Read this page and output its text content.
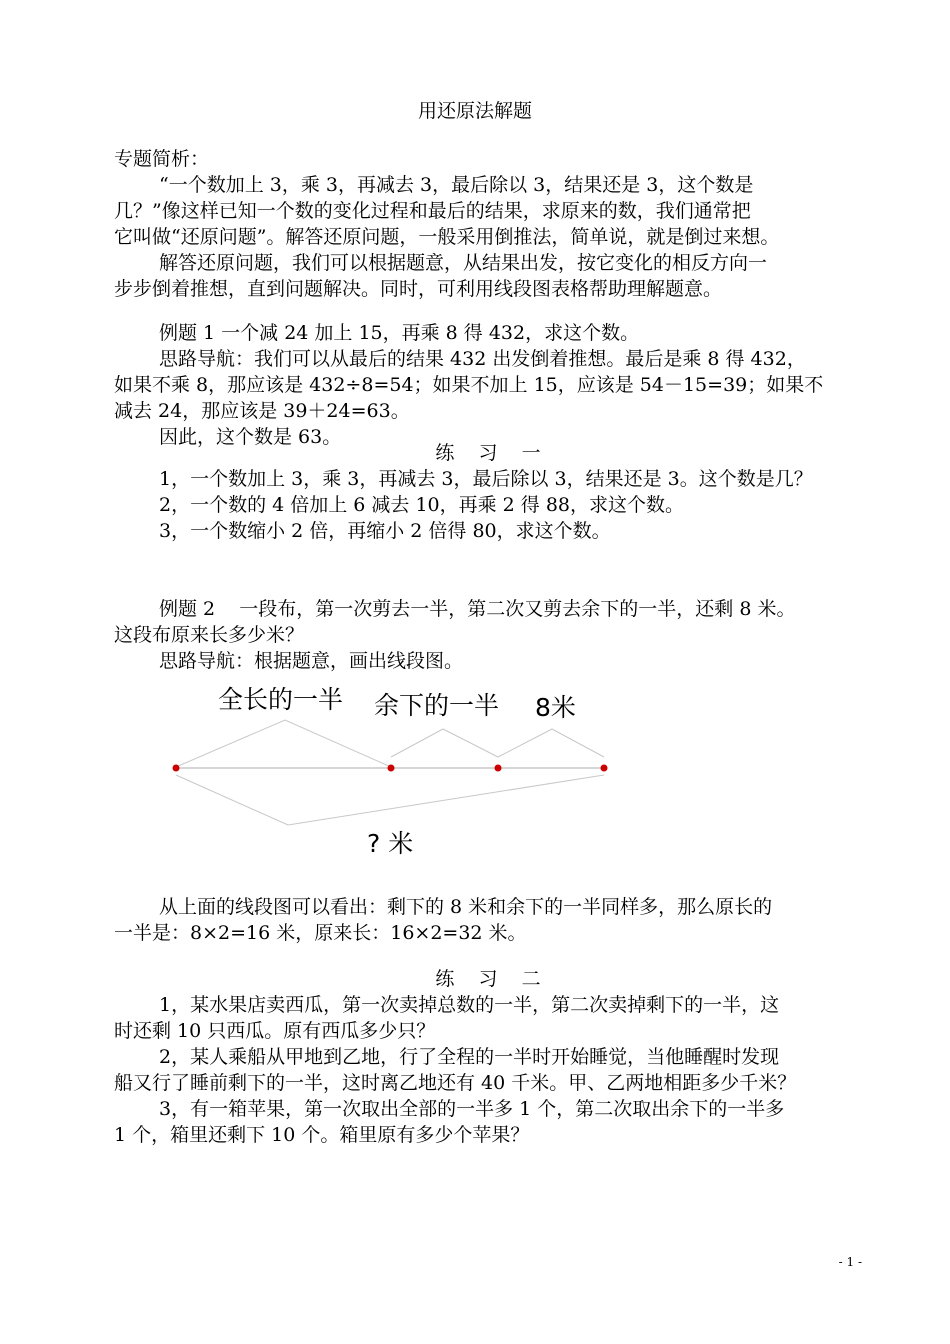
用还原法解题
专题简析：
“一个数加上 3，乘 3，再减去 3，最后除以 3，结果还是 3，这个数是
几？”像这样已知一个数的变化过程和最后的结果，求原来的数，我们通常把
它叫做“还原问题”。解答还原问题，一般采用倒推法，简单说，就是倒过来想。
解答还原问题，我们可以根据题意，从结果出发，按它变化的相反方向一
步步倒着推想，直到问题解决。同时，可利用线段图表格帮助理解题意。
例题 1 一个减 24 加上 15，再乘 8 得 432，求这个数。
思路导航：我们可以从最后的结果 432 出发倒着推想。最后是乘 8 得 432，
如果不乘 8，那应该是 432÷8=54；如果不加上 15，应该是 54－15=39；如果不
减去 24，那应该是 39＋24=63。
因此，这个数是 63。
练    习    一
1，一个数加上 3，乘 3，再减去 3，最后除以 3，结果还是 3。这个数是几？
2，一个数的 4 倍加上 6 减去 10，再乘 2 得 88，求这个数。
3，一个数缩小 2 倍，再缩小 2 倍得 80，求这个数。
例题 2    一段布，第一次剪去一半，第二次又剪去余下的一半，还剩 8 米。
这段布原来长多少米？
思路导航：根据题意，画出线段图。
全长的一半 余下的一半 8米
? 米
从上面的线段图可以看出：剩下的 8 米和余下的一半同样多，那么原长的
一半是：8×2=16 米，原来长：16×2=32 米。
练    习    二
1，某水果店卖西瓜，第一次卖掉总数的一半，第二次卖掉剩下的一半，这
时还剩 10 只西瓜。原有西瓜多少只？
2，某人乘船从甲地到乙地，行了全程的一半时开始睡觉，当他睡醒时发现
船又行了睡前剩下的一半，这时离乙地还有 40 千米。甲、乙两地相距多少千米？
3，有一箱苹果，第一次取出全部的一半多 1 个，第二次取出余下的一半多
1 个，箱里还剩下 10 个。箱里原有多少个苹果？
- 1 -
